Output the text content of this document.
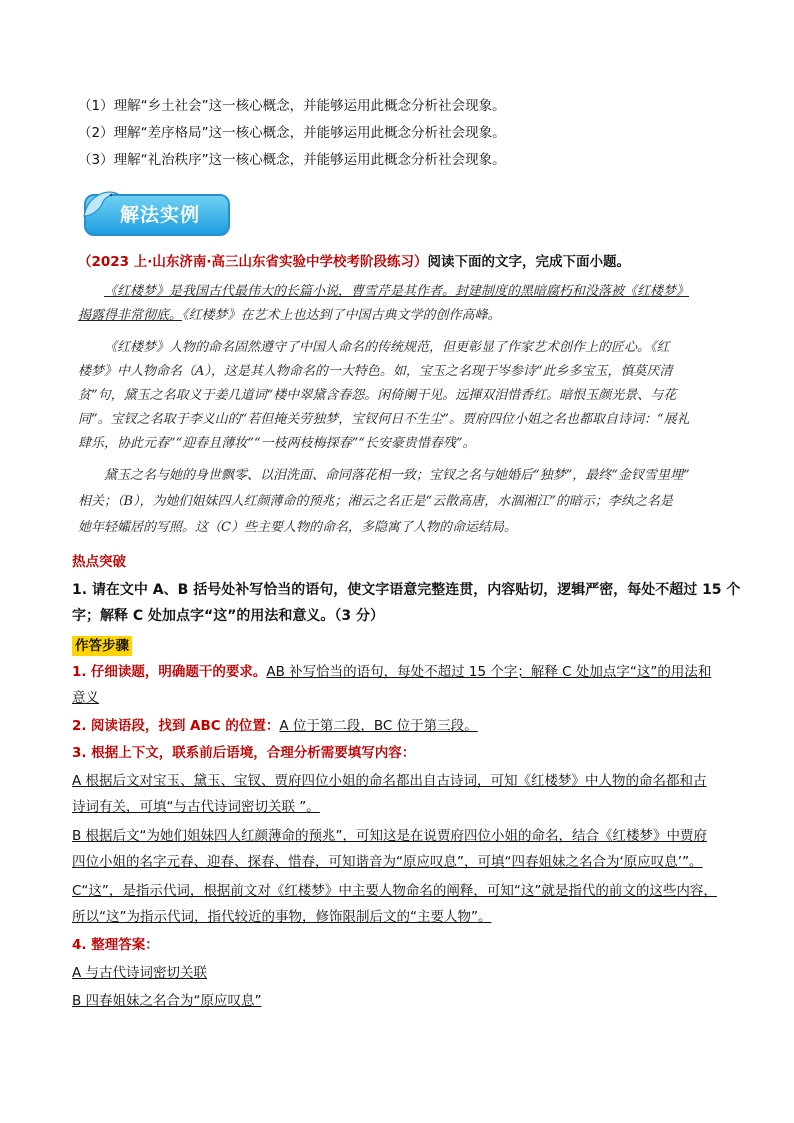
（1）理解“乡土社会”这一核心概念，并能够运用此概念分析社会现象。
（2）理解“差序格局”这一核心概念，并能够运用此概念分析社会现象。
（3）理解“礼治秩序”这一核心概念，并能够运用此概念分析社会现象。
解法实例
（2023 上·山东济南·高三山东省实验中学校考阶段练习）阅读下面的文字，完成下面小题。
《红楼梦》是我国古代最伟大的长篇小说，曹雪芹是其作者。封建制度的黑暗腐朽和没落被《红楼梦》
揭露得非常彻底。《红楼梦》在艺术上也达到了中国古典文学的创作高峰。
《红楼梦》人物的命名固然遵守了中国人命名的传统规范，但更彰显了作家艺术创作上的匠心。《红
楼梦》中人物命名（A），这是其人物命名的一大特色。如，宝玉之名现于岑参诗“此乡多宝玉，慎莫厌清
贫”句，黛玉之名取义于姜几道词“楼中翠黛含春怨。闲倚阑干见。远揮双泪惜香红。暗恨玉颜光景、与花
同”。宝钗之名取于李义山的“若但掩关劳独梦，宝钗何日不生尘”。贾府四位小姐之名也都取自诗词：“展礼
肆乐，协此元春”“迎春且薄妆”“一枝两枝梅探春”“长安豪贵惜春残”。
黛玉之名与她的身世飘零、以泪洗面、命同落花相一致；宝钗之名与她婚后“独梦”，最终“金钗雪里埋”
相关；（B），为她们姐妹四人红颜薄命的预兆；湘云之名正是“云散高唐，水涸湘江”的暗示；李纨之名是
她年轻孀居的写照。这（C）些主要人物的命名，多隐寓了人物的命运结局。
热点突破
1. 请在文中 A、B 括号处补写恰当的语句，使文字语意完整连贯，内容贴切，逻辑严密，每处不超过 15 个
字；解释 C 处加点字“这”的用法和意义。（3 分）
作答步骤
1. 仔细读题，明确题干的要求。AB 补写恰当的语句，每处不超过 15 个字；解释 C 处加点字“这”的用法和
意义
2. 阅读语段，找到 ABC 的位置：A 位于第二段，BC 位于第三段。
3. 根据上下文，联系前后语境，合理分析需要填写内容：
A 根据后文对宝玉、黛玉、宝钗、贾府四位小姐的命名都出自古诗词，可知《红楼梦》中人物的命名都和古
诗词有关，可填“与古代诗词密切关联 ”。
B 根据后文“为她们姐妹四人红颜薄命的预兆”，可知这是在说贾府四位小姐的命名，结合《红楼梦》中贾府
四位小姐的名字元春、迎春、探春、惜春，可知谐音为“原应叹息”，可填“四春姐妹之名合为‘原应叹息’”。
C“这”，是指示代词，根据前文对《红楼梦》中主要人物命名的阐释，可知“这”就是指代的前文的这些内容，
所以“这”为指示代词，指代较近的事物，修饰限制后文的“主要人物”。
4. 整理答案：
A 与古代诗词密切关联
B 四春姐妹之名合为“原应叹息”
